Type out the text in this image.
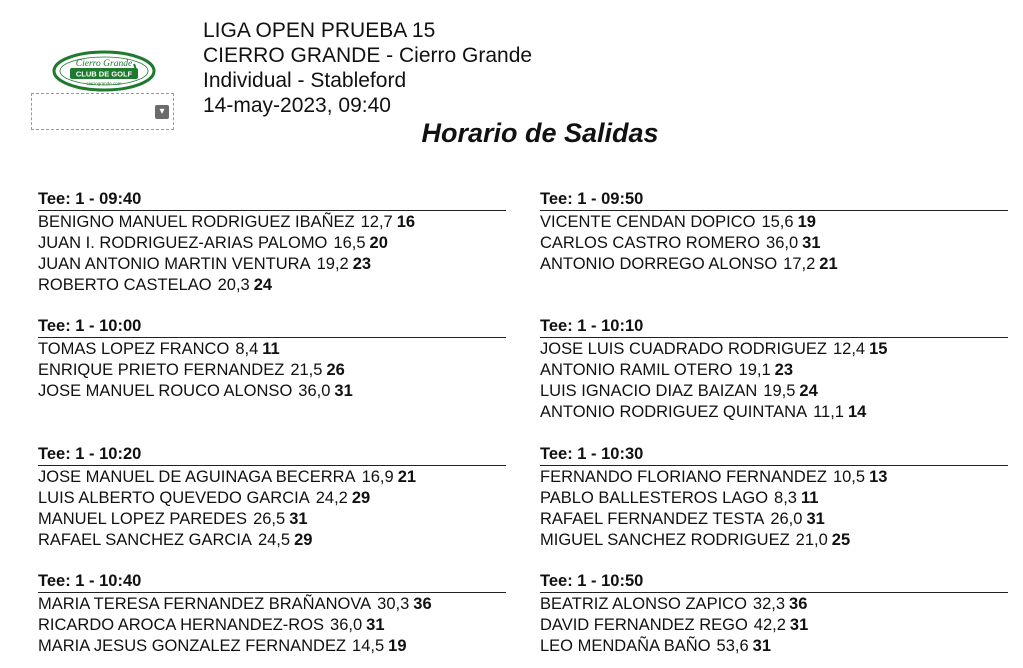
Cierro Grande
CLUB DE GOLF
cierrogrande.com
▾
LIGA OPEN PRUEBA 15
CIERRO GRANDE - Cierro Grande
Individual - Stableford
14-may-2023, 09:40
Horario de Salidas
Tee: 1 - 09:40
BENIGNO MANUEL RODRIGUEZ IBAÑEZ 12,7 16
JUAN I. RODRIGUEZ-ARIAS PALOMO 16,5 20
JUAN ANTONIO MARTIN VENTURA 19,2 23
ROBERTO CASTELAO 20,3 24
Tee: 1 - 10:00
TOMAS LOPEZ FRANCO 8,4 11
ENRIQUE PRIETO FERNANDEZ 21,5 26
JOSE MANUEL ROUCO ALONSO 36,0 31
Tee: 1 - 10:20
JOSE MANUEL DE AGUINAGA BECERRA 16,9 21
LUIS ALBERTO QUEVEDO GARCIA 24,2 29
MANUEL LOPEZ PAREDES 26,5 31
RAFAEL SANCHEZ GARCIA 24,5 29
Tee: 1 - 10:40
MARIA TERESA FERNANDEZ BRAÑANOVA 30,3 36
RICARDO AROCA HERNANDEZ-ROS 36,0 31
MARIA JESUS GONZALEZ FERNANDEZ 14,5 19
Tee: 1 - 09:50
VICENTE CENDAN DOPICO 15,6 19
CARLOS CASTRO ROMERO 36,0 31
ANTONIO DORREGO ALONSO 17,2 21
Tee: 1 - 10:10
JOSE LUIS CUADRADO RODRIGUEZ 12,4 15
ANTONIO RAMIL OTERO 19,1 23
LUIS IGNACIO DIAZ BAIZAN 19,5 24
ANTONIO RODRIGUEZ QUINTANA 11,1 14
Tee: 1 - 10:30
FERNANDO FLORIANO FERNANDEZ 10,5 13
PABLO BALLESTEROS LAGO 8,3 11
RAFAEL FERNANDEZ TESTA 26,0 31
MIGUEL SANCHEZ RODRIGUEZ 21,0 25
Tee: 1 - 10:50
BEATRIZ ALONSO ZAPICO 32,3 36
DAVID FERNANDEZ REGO 42,2 31
LEO MENDAÑA BAÑO 53,6 31
